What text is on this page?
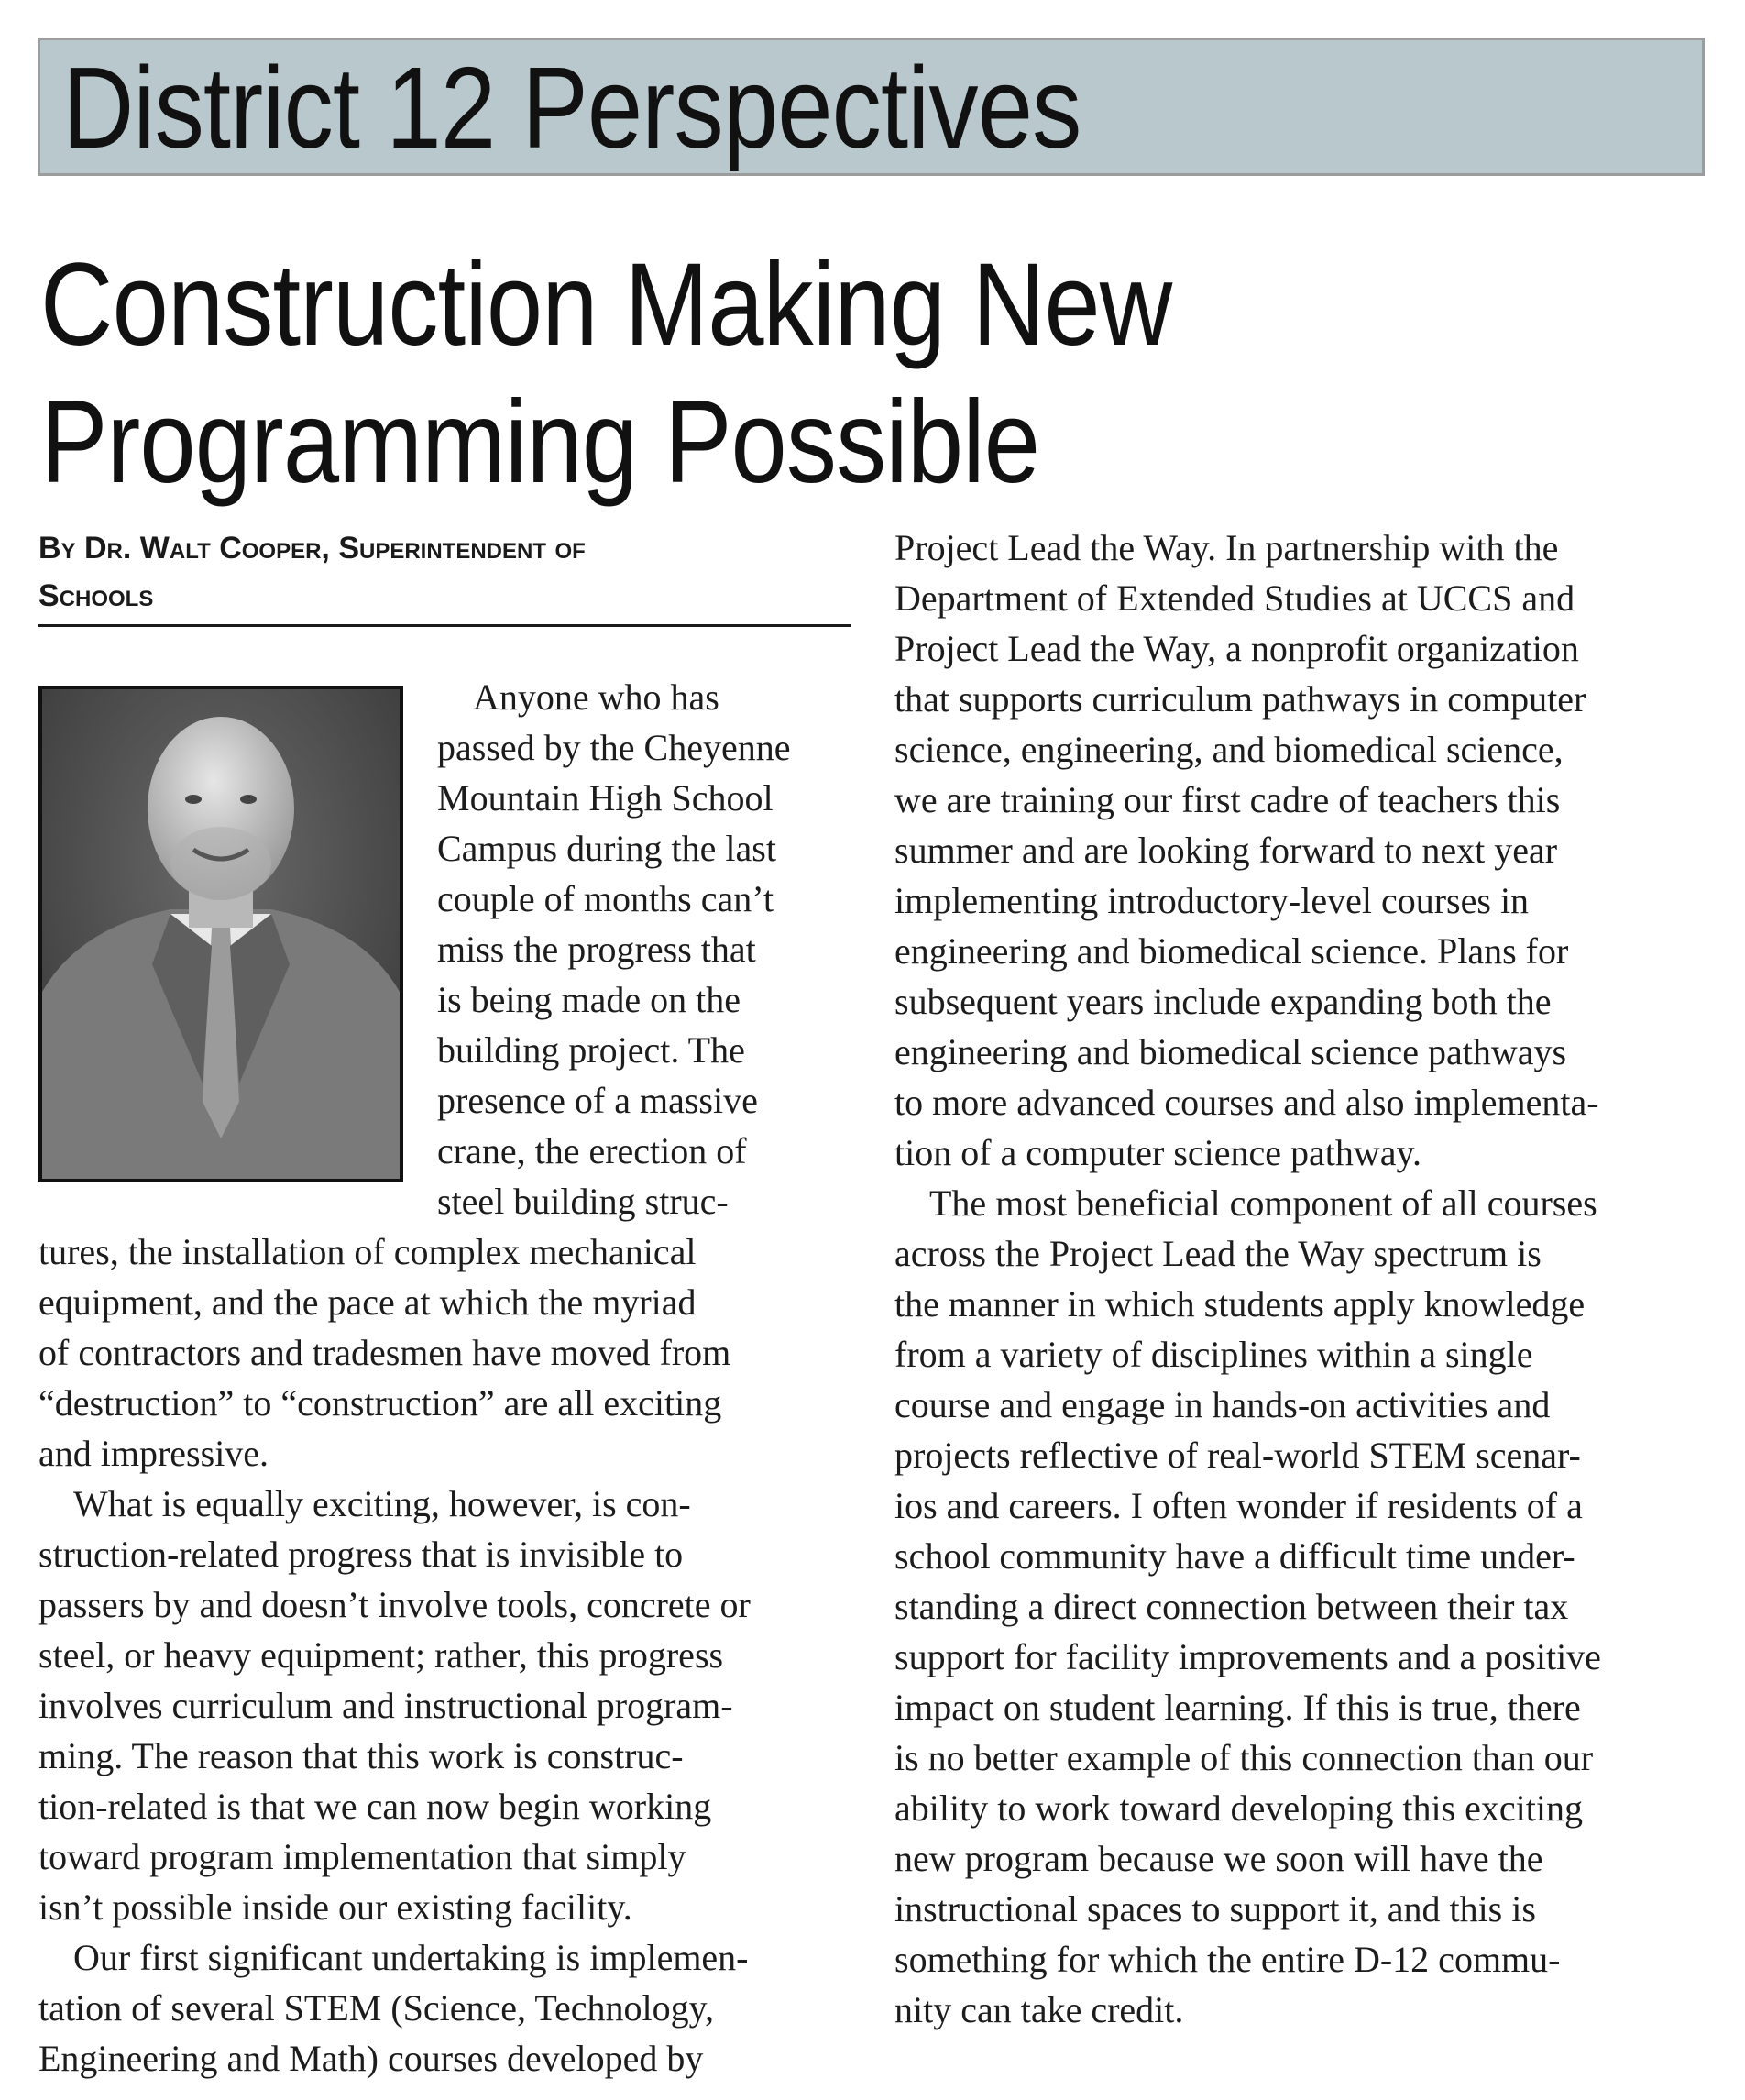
District 12 Perspectives
Construction Making New
Programming Possible
By Dr. Walt Cooper, Superintendent of
Schools
Anyone who has
passed by the Cheyenne
Mountain High School
Campus during the last
couple of months can’t
miss the progress that
is being made on the
building project. The
presence of a massive
crane, the erection of
steel building struc-
tures, the installation of complex mechanical
equipment, and the pace at which the myriad
of contractors and tradesmen have moved from
“destruction” to “construction” are all exciting
and impressive.
What is equally exciting, however, is con-
struction-related progress that is invisible to
passers by and doesn’t involve tools, concrete or
steel, or heavy equipment; rather, this progress
involves curriculum and instructional program-
ming. The reason that this work is construc-
tion-related is that we can now begin working
toward program implementation that simply
isn’t possible inside our existing facility.
Our first significant undertaking is implemen-
tation of several STEM (Science, Technology,
Engineering and Math) courses developed by
Project Lead the Way. In partnership with the
Department of Extended Studies at UCCS and
Project Lead the Way, a nonprofit organization
that supports curriculum pathways in computer
science, engineering, and biomedical science,
we are training our first cadre of teachers this
summer and are looking forward to next year
implementing introductory-level courses in
engineering and biomedical science. Plans for
subsequent years include expanding both the
engineering and biomedical science pathways
to more advanced courses and also implementa-
tion of a computer science pathway.
The most beneficial component of all courses
across the Project Lead the Way spectrum is
the manner in which students apply knowledge
from a variety of disciplines within a single
course and engage in hands-on activities and
projects reflective of real-world STEM scenar-
ios and careers. I often wonder if residents of a
school community have a difficult time under-
standing a direct connection between their tax
support for facility improvements and a positive
impact on student learning. If this is true, there
is no better example of this connection than our
ability to work toward developing this exciting
new program because we soon will have the
instructional spaces to support it, and this is
something for which the entire D-12 commu-
nity can take credit.
